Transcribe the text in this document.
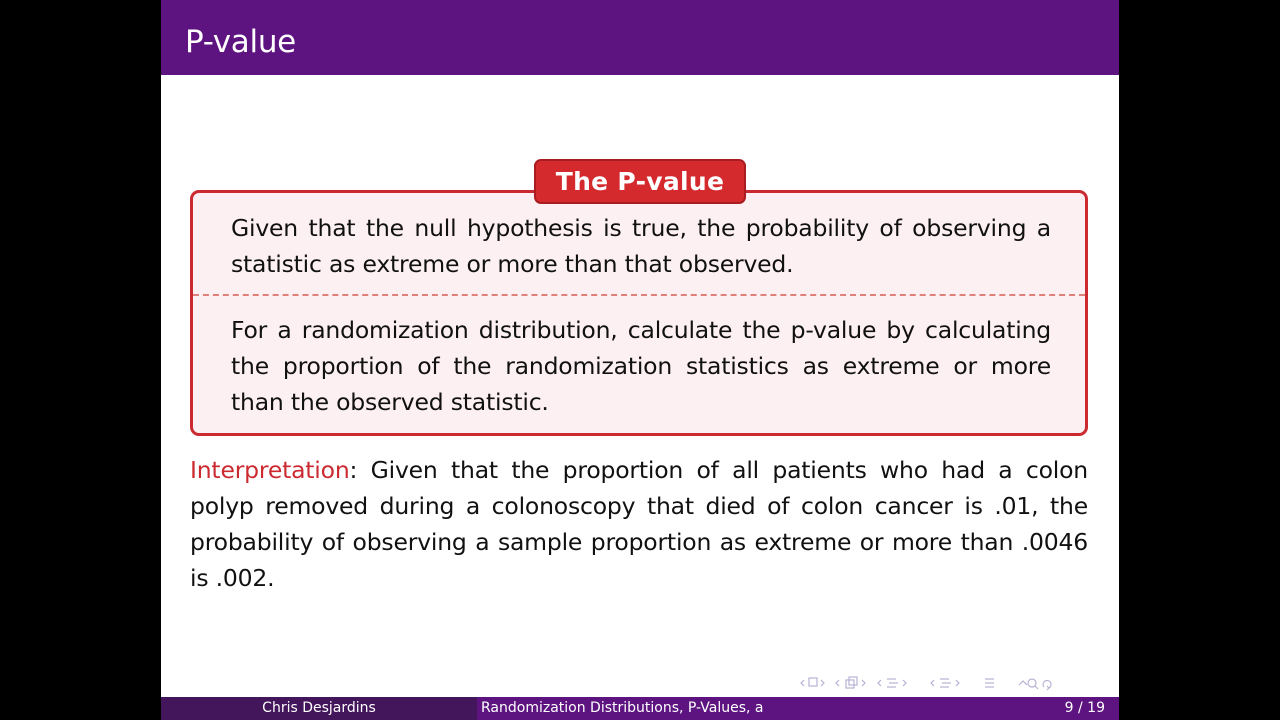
P-value
Given that the null hypothesis is true, the probability of observing a statistic as extreme or more than that observed.
For a randomization distribution, calculate the p-value by calculating the proportion of the randomization statistics as extreme or more than the observed statistic.
The P-value
Interpretation: Given that the proportion of all patients who had a colon polyp removed during a colonoscopy that died of colon cancer is .01, the probability of observing a sample proportion as extreme or more than .0046 is .002.
Chris Desjardins	Randomization Distributions, P-Values, a	9 / 19
